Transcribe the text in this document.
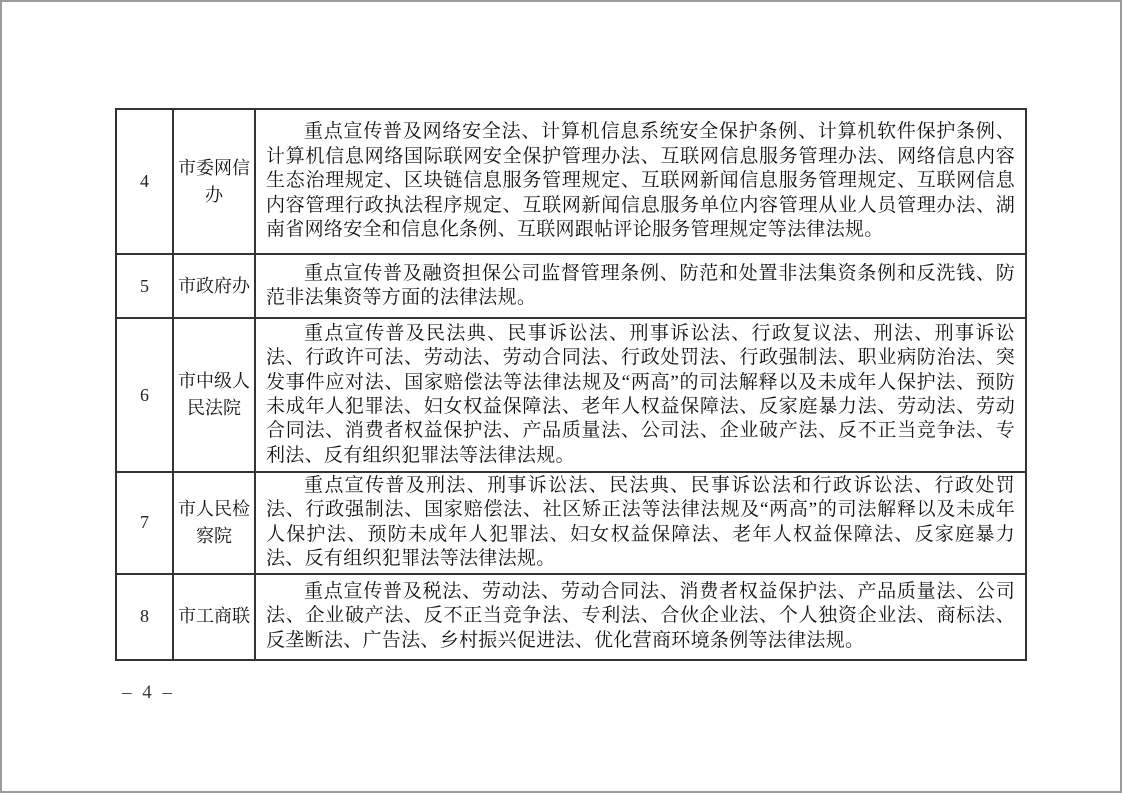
4	市委网信办	重点宣传普及网络安全法、计算机信息系统安全保护条例、计算机软件保护条例、计算机信息网络国际联网安全保护管理办法、互联网信息服务管理办法、网络信息内容生态治理规定、区块链信息服务管理规定、互联网新闻信息服务管理规定、互联网信息内容管理行政执法程序规定、互联网新闻信息服务单位内容管理从业人员管理办法、湖南省网络安全和信息化条例、互联网跟帖评论服务管理规定等法律法规。

5	市政府办	重点宣传普及融资担保公司监督管理条例、防范和处置非法集资条例和反洗钱、防范非法集资等方面的法律法规。

6	市中级人民法院	重点宣传普及民法典、民事诉讼法、刑事诉讼法、行政复议法、刑法、刑事诉讼法、行政许可法、劳动法、劳动合同法、行政处罚法、行政强制法、职业病防治法、突发事件应对法、国家赔偿法等法律法规及“两高”的司法解释以及未成年人保护法、预防未成年人犯罪法、妇女权益保障法、老年人权益保障法、反家庭暴力法、劳动法、劳动合同法、消费者权益保护法、产品质量法、公司法、企业破产法、反不正当竞争法、专利法、反有组织犯罪法等法律法规。

7	市人民检察院	重点宣传普及刑法、刑事诉讼法、民法典、民事诉讼法和行政诉讼法、行政处罚法、行政强制法、国家赔偿法、社区矫正法等法律法规及“两高”的司法解释以及未成年人保护法、预防未成年人犯罪法、妇女权益保障法、老年人权益保障法、反家庭暴力法、反有组织犯罪法等法律法规。

8	市工商联	重点宣传普及税法、劳动法、劳动合同法、消费者权益保护法、产品质量法、公司法、企业破产法、反不正当竞争法、专利法、合伙企业法、个人独资企业法、商标法、反垄断法、广告法、乡村振兴促进法、优化营商环境条例等法律法规。

– 4 –
